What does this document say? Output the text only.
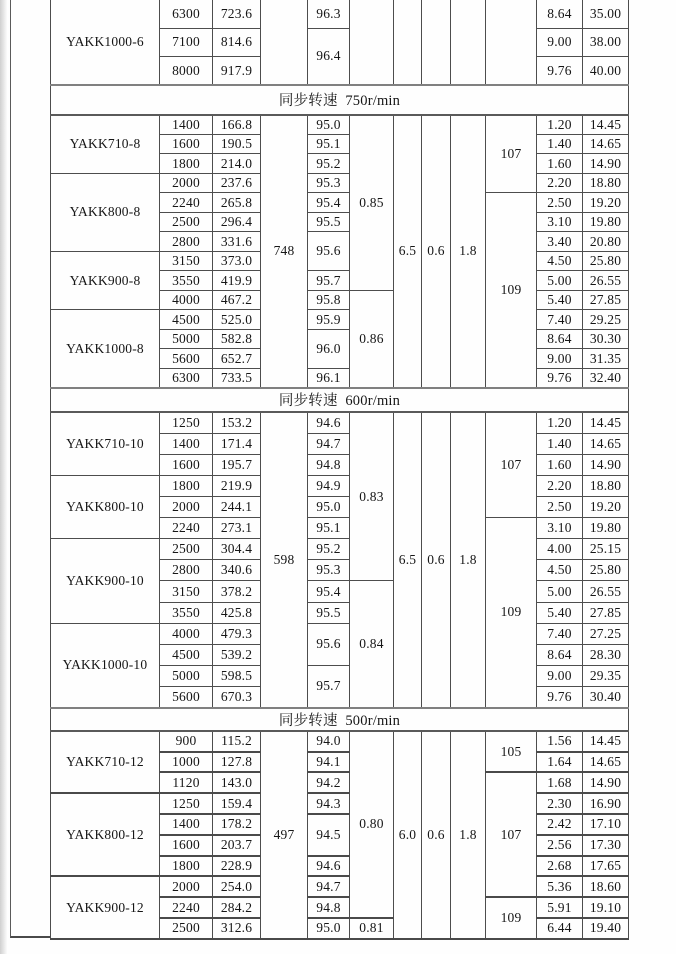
YAKK1000-6	6300	723.6		96.3						8.64	35.00
	7100	814.6		96.4						9.00	38.00
	8000	917.9								9.76	40.00
同步转速  750r/min											
YAKK710-8	1400	166.8	748	95.0	0.85	6.5	0.6	1.8	107	1.20	14.45
	1600	190.5		95.1						1.40	14.65
	1800	214.0		95.2						1.60	14.90
YAKK800-8	2000	237.6		95.3						2.20	18.80
	2240	265.8		95.4					109	2.50	19.20
	2500	296.4		95.5						3.10	19.80
	2800	331.6		95.6						3.40	20.80
YAKK900-8	3150	373.0								4.50	25.80
	3550	419.9		95.7						5.00	26.55
	4000	467.2		95.8	0.86					5.40	27.85
YAKK1000-8	4500	525.0		95.9						7.40	29.25
	5000	582.8		96.0						8.64	30.30
	5600	652.7								9.00	31.35
	6300	733.5		96.1						9.76	32.40
同步转速  600r/min											
YAKK710-10	1250	153.2	598	94.6	0.83	6.5	0.6	1.8	107	1.20	14.45
	1400	171.4		94.7						1.40	14.65
	1600	195.7		94.8						1.60	14.90
YAKK800-10	1800	219.9		94.9						2.20	18.80
	2000	244.1		95.0						2.50	19.20
	2240	273.1		95.1					109	3.10	19.80
YAKK900-10	2500	304.4		95.2						4.00	25.15
	2800	340.6		95.3						4.50	25.80
	3150	378.2		95.4	0.84					5.00	26.55
	3550	425.8		95.5						5.40	27.85
YAKK1000-10	4000	479.3		95.6						7.40	27.25
	4500	539.2								8.64	28.30
	5000	598.5		95.7						9.00	29.35
	5600	670.3								9.76	30.40
同步转速  500r/min											
YAKK710-12	900	115.2	497	94.0	0.80	6.0	0.6	1.8	105	1.56	14.45
	1000	127.8		94.1						1.64	14.65
	1120	143.0		94.2					107	1.68	14.90
YAKK800-12	1250	159.4		94.3						2.30	16.90
	1400	178.2		94.5						2.42	17.10
	1600	203.7								2.56	17.30
	1800	228.9		94.6						2.68	17.65
YAKK900-12	2000	254.0		94.7						5.36	18.60
	2240	284.2		94.8					109	5.91	19.10
	2500	312.6		95.0	0.81					6.44	19.40
